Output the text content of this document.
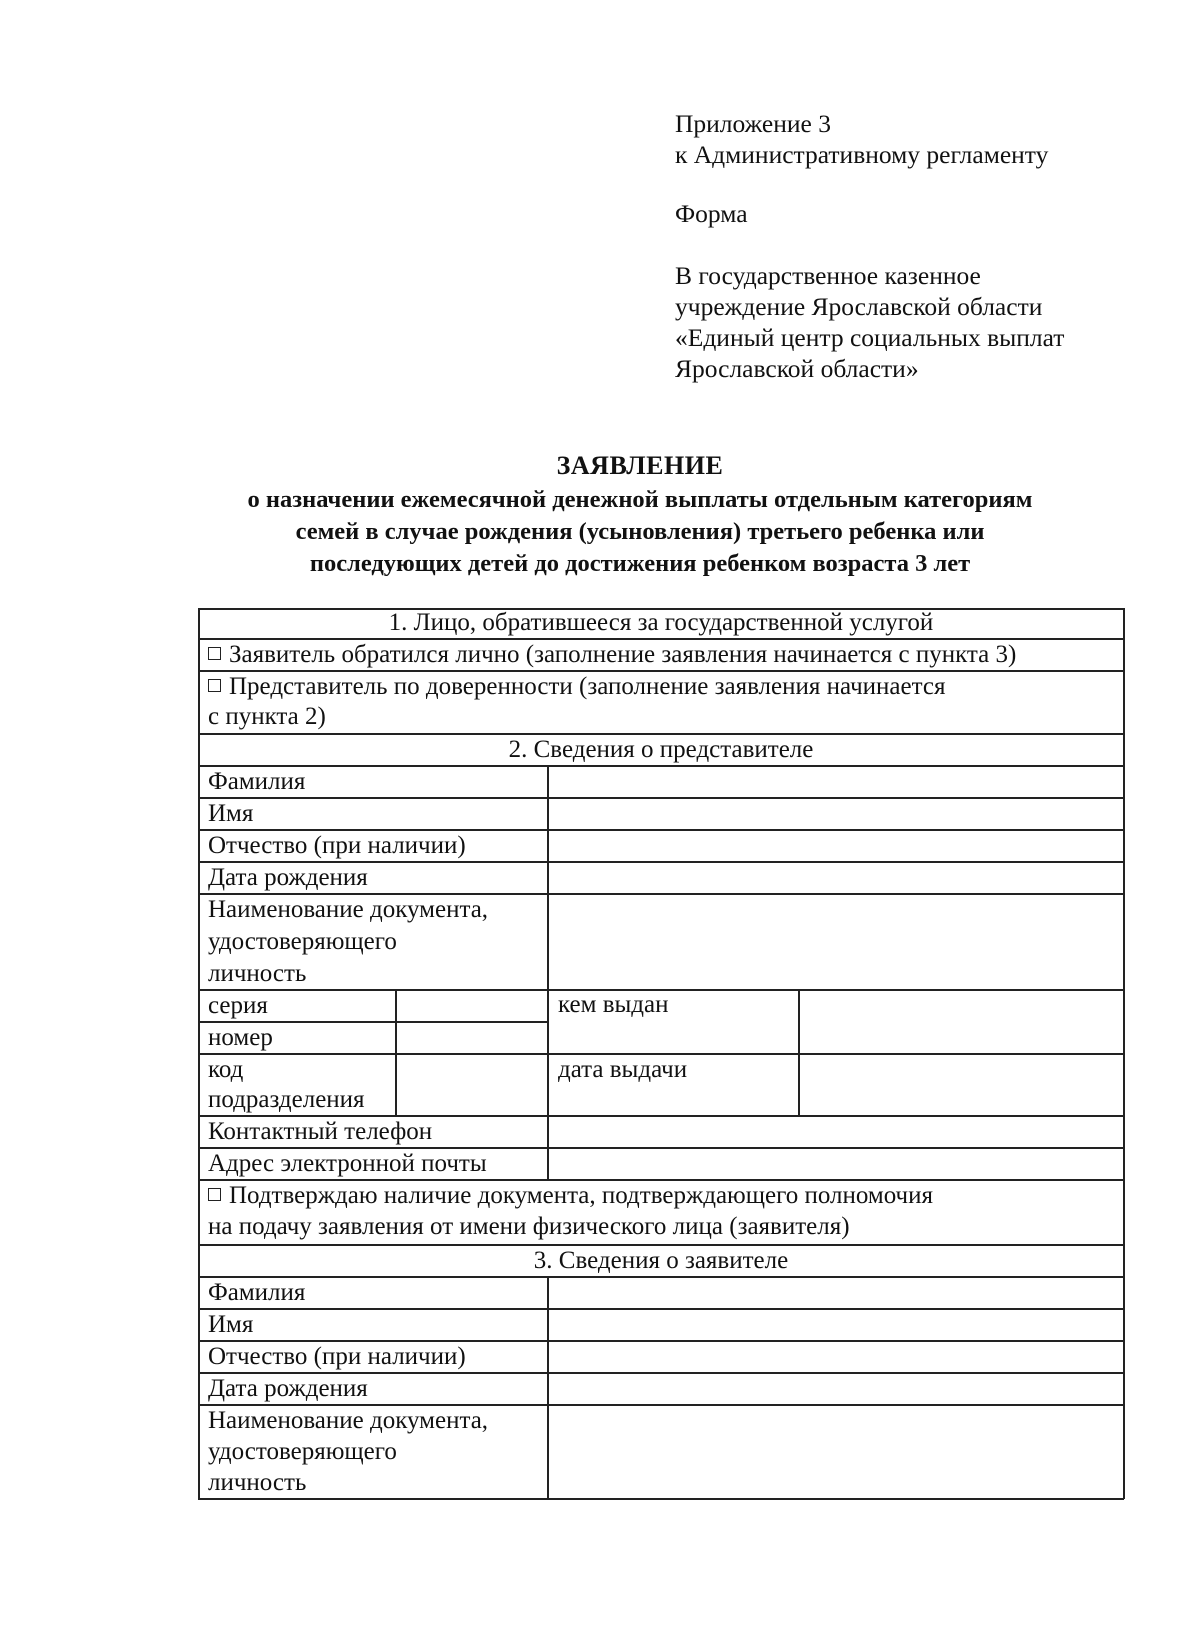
Приложение 3
к Административному регламенту
Форма
В государственное казенное
учреждение Ярославской области
«Единый центр социальных выплат
Ярославской области»
ЗАЯВЛЕНИЕ
о назначении ежемесячной денежной выплаты отдельным категориям
семей в случае рождения (усыновления) третьего ребенка или
последующих детей до достижения ребенком возраста 3 лет
1. Лицо, обратившееся за государственной услугой
Заявитель обратился лично (заполнение заявления начинается с пункта 3)
Представитель по доверенности (заполнение заявления начинается
с пункта 2)
2. Сведения о представителе
Фамилия
Имя
Отчество (при наличии)
Дата рождения
Наименование документа,
удостоверяющего
личность
серия
номер
код
подразделения
кем выдан
дата выдачи
Контактный телефон
Адрес электронной почты
Подтверждаю наличие документа, подтверждающего полномочия
на подачу заявления от имени физического лица (заявителя)
3. Сведения о заявителе
Фамилия
Имя
Отчество (при наличии)
Дата рождения
Наименование документа,
удостоверяющего
личность
